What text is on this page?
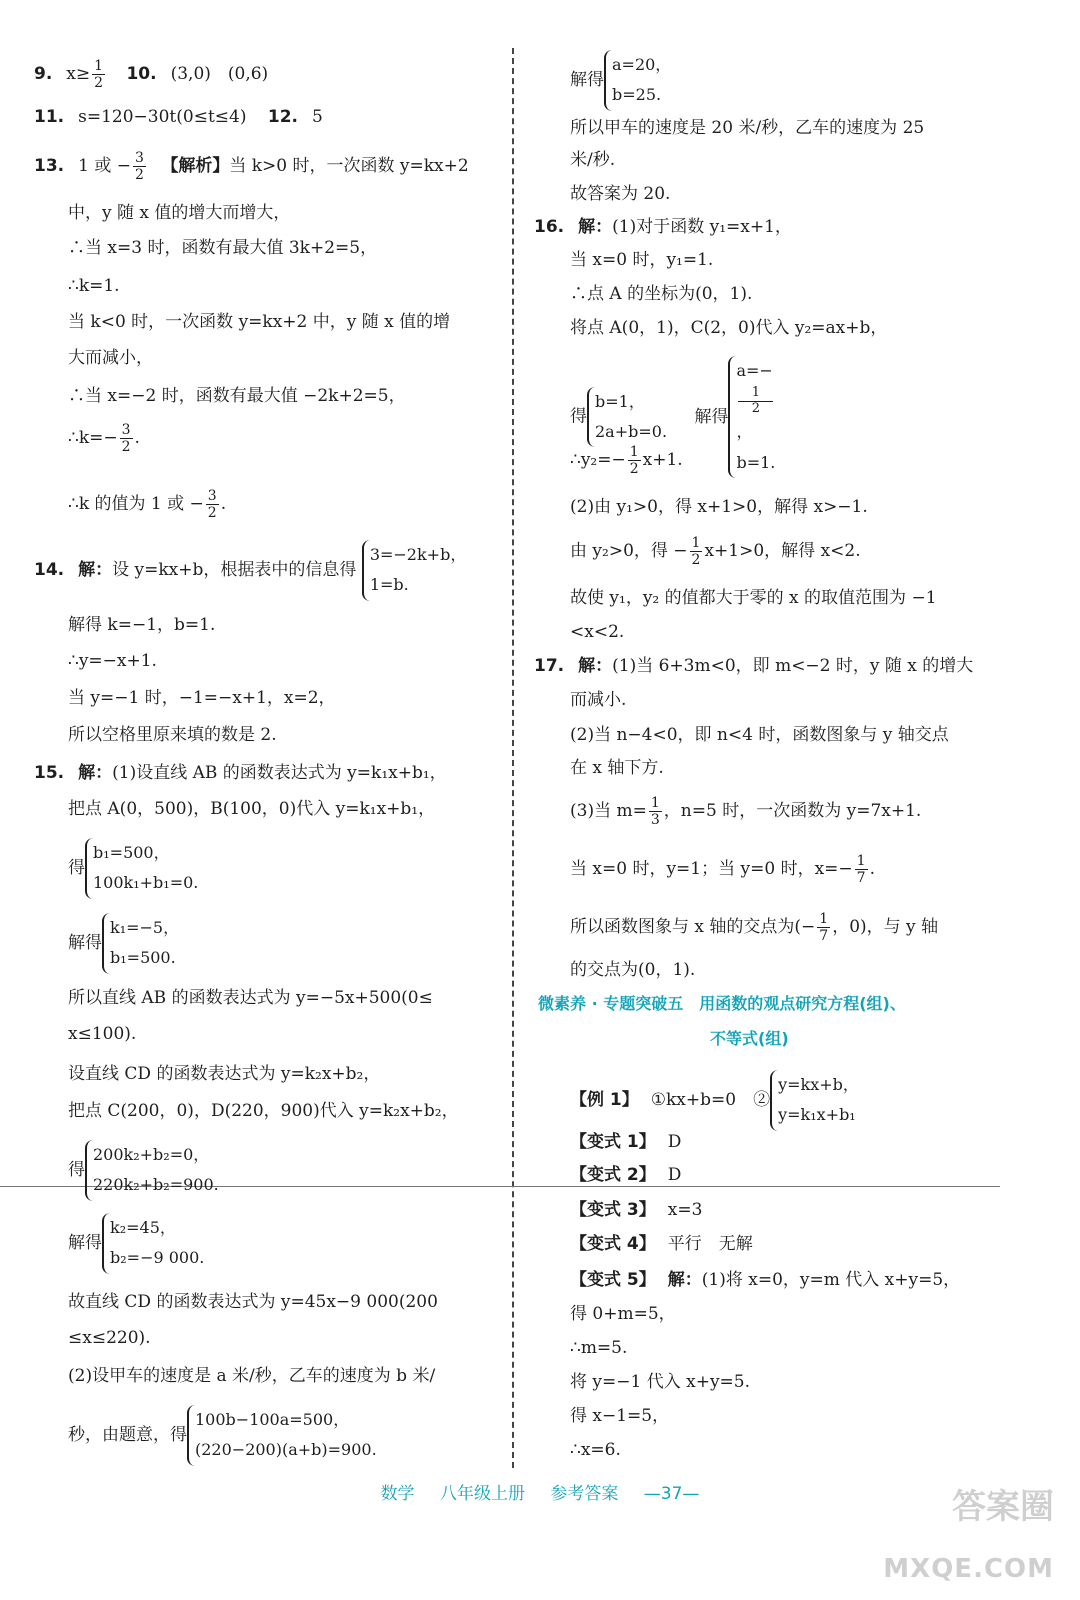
9. $x\ge \frac{1}{2} 10$. (3,0)　(0,6)
11. s=120−30t(0≤t≤4) 12. 5
13. 1 或 − $\frac{3}{2}$ 【解析】当 k>0 时，一次函数 y=kx+2
中，y 随 x 值的增大而增大，
∴当 x=3 时，函数有最大值 3k+2=5，
∴k=1.
当 k<0 时，一次函数 y=kx+2 中，y 随 x 值的增
大而减小，
∴当 x=−2 时，函数有最大值 −2k+2=5，
∴k=− $\frac{3}{2}$ .
∴k 的值为 1 或 − $\frac{3}{2}$ .
14. 解：设 y=kx+b，根据表中的信息得
3=−2k+b，
1=b.
解得 k=−1，b=1.
∴y=−x+1.
当 y=−1 时，−1=−x+1，x=2，
所以空格里原来填的数是 2.
15. 解：(1)设直线 AB 的函数表达式为 y=k₁x+b₁，
把点 A(0，500)，B(100，0)代入 y=k₁x+b₁，
得
b₁=500，
100k₁+b₁=0.
解得
k₁=−5，
b₁=500.
所以直线 AB 的函数表达式为 y=−5x+500(0≤
x≤100).
设直线 CD 的函数表达式为 y=k₂x+b₂，
把点 C(200，0)，D(220，900)代入 y=k₂x+b₂，
得
200k₂+b₂=0，
220k₂+b₂=900.
解得
k₂=45，
b₂=−9 000.
故直线 CD 的函数表达式为 y=45x−9 000(200
≤x≤220).
(2)设甲车的速度是 a 米/秒，乙车的速度为 b 米/
秒，由题意，得
100b−100a=500，
(220−200)(a+b)=900.
解得
a=20，
b=25.
所以甲车的速度是 20 米/秒，乙车的速度为 25
米/秒.
故答案为 20.
16. 解：(1)对于函数 y₁=x+1，
当 x=0 时，y₁=1.
∴点 A 的坐标为(0，1).
将点 A(0，1)，C(2，0)代入 y₂=ax+b，
得
b=1，
2a+b=0.
解得
a=−
1
2
，
b=1.
∴y₂=− $\frac{1}{2} x+1$.
(2)由 y₁>0，得 x+1>0，解得 x>−1.
由 y₂>0，得 − $\frac{1}{2} x+1>0$，解得 x<2.
故使 y₁，y₂ 的值都大于零的 x 的取值范围为 −1
<x<2.
17. 解：(1)当 6+3m<0，即 m<−2 时，y 随 x 的增大
而减小.
(2)当 n−4<0，即 n<4 时，函数图象与 y 轴交点
在 x 轴下方.
(3)当 $m= \frac{1}{3}$ ，n=5 时，一次函数为 y=7x+1.
当 x=0 时，y=1；当 y=0 时，$x=- \frac{1}{7}$ .
所以函数图象与 x 轴的交点为(− $\frac{1}{7}$ ，0)，与 y 轴
的交点为(0，1).
微素养 · 专题突破五　用函数的观点研究方程(组)、
不等式(组)
【例 1】 ①kx+b=0　②
y=kx+b，
y=k₁x+b₁
【变式 1】 D
【变式 2】 D
【变式 3】 x=3
【变式 4】 平行　无解
【变式 5】 解：(1)将 x=0，y=m 代入 x+y=5，
得 0+m=5，
∴m=5.
将 y=−1 代入 x+y=5.
得 x−1=5，
∴x=6.
数学 八年级上册 参考答案 —37—	答案圈
MXQE.COM
